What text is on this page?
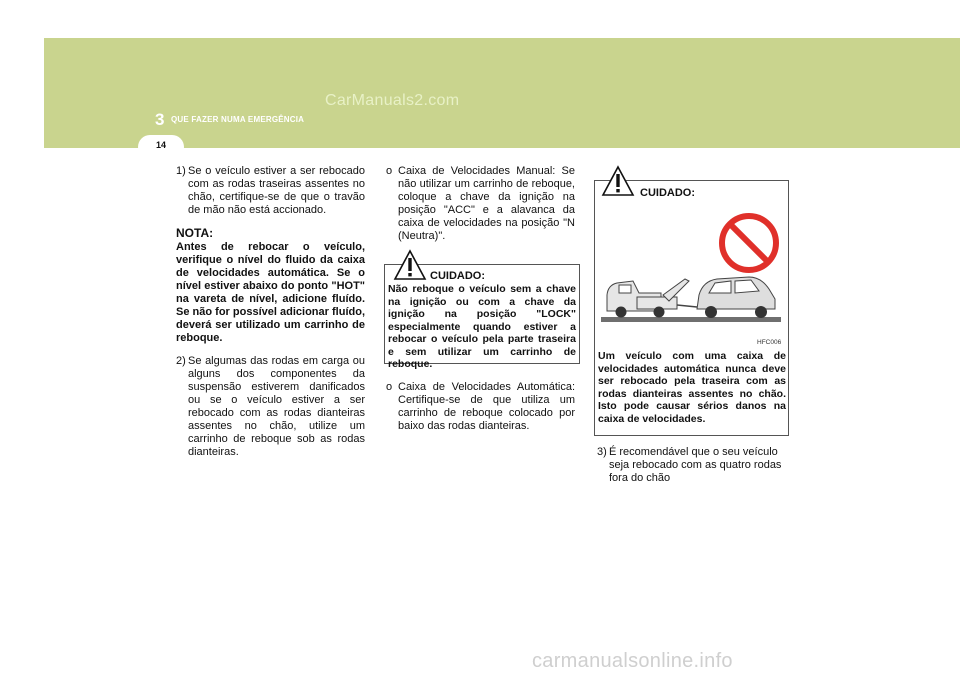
3 QUE FAZER NUMA EMERGÊNCIA
CarManuals2.com
14
1) Se o veículo estiver a ser rebocado com as rodas traseiras assentes no chão, certifique-se de que o travão de mão não está accionado.

NOTA:

Antes de rebocar o veículo, verifique o nível do fluido da caixa de velocidades automática. Se o nível estiver abaixo do ponto "HOT" na vareta de nível, adicione fluído. Se não for possível adicionar fluído, deverá ser utilizado um carrinho de reboque.

2) Se algumas das rodas em carga ou alguns dos componentes da suspensão estiverem danificados ou se o veículo estiver a ser rebocado com as rodas dianteiras assentes no chão, utilize um carrinho de reboque sob as rodas dianteiras.
o Caixa de Velocidades Manual: Se não utilizar um carrinho de reboque, coloque a chave da ignição na posição "ACC" e a alavanca da caixa de velocidades na posição "N (Neutra)".
CUIDADO:
Não reboque o veículo sem a chave na ignição ou com a chave da ignição na posição "LOCK" especialmente quando estiver a rebocar o veículo pela parte traseira e sem utilizar um carrinho de reboque.
o Caixa de Velocidades Automática: Certifique-se de que utiliza um carrinho de reboque colocado por baixo das rodas dianteiras.
CUIDADO:
HFC006
Um veículo com uma caixa de velocidades automática nunca deve ser rebocado pela traseira com as rodas dianteiras assentes no chão. Isto pode causar sérios danos na caixa de velocidades.
3) É recomendável que o seu veículo seja rebocado com as quatro rodas fora do chão
carmanualsonline.info
